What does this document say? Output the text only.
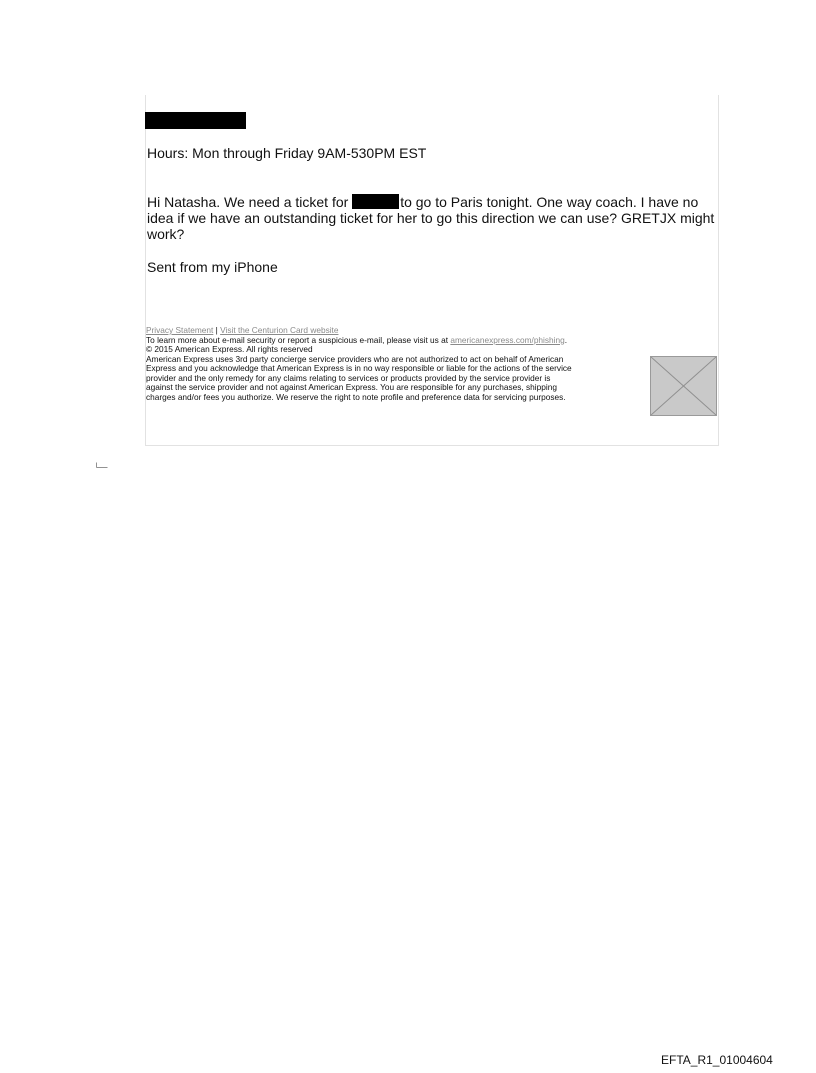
Hours: Mon through Friday 9AM-530PM EST
Hi Natasha. We need a ticket for	to go to Paris tonight. One way coach. I have no idea if we have an outstanding ticket for her to go this direction we can use? GRETJX might work?
Sent from my iPhone
Privacy Statement | Visit the Centurion Card website
To learn more about e-mail security or report a suspicious e-mail, please visit us at americanexpress.com/phishing.
© 2015 American Express. All rights reserved
American Express uses 3rd party concierge service providers who are not authorized to act on behalf of American
Express and you acknowledge that American Express is in no way responsible or liable for the actions of the service
provider and the only remedy for any claims relating to services or products provided by the service provider is
against the service provider and not against American Express. You are responsible for any purchases, shipping
charges and/or fees you authorize. We reserve the right to note profile and preference data for servicing purposes.
EFTA_R1_01004604
